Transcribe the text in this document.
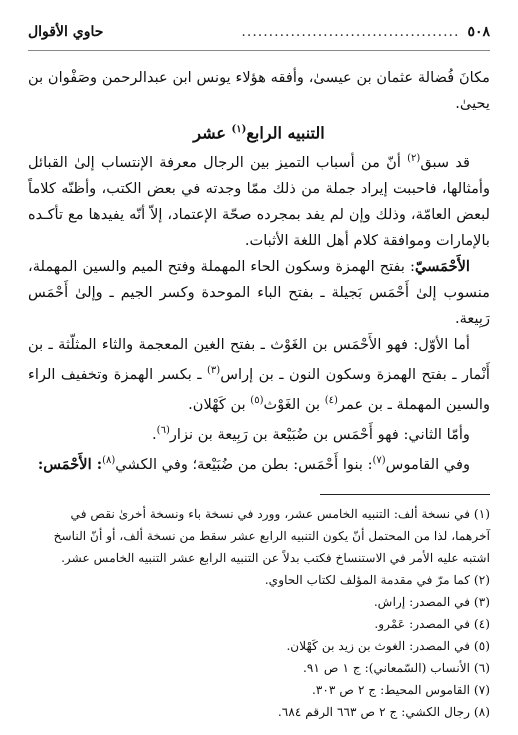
٥٠٨
........................................
حاوي الأقوال

مكانَ فُضالة عثمان بن عيسىٰ، وأفقه هؤلاء يونس ابن عبدالرحمن وصَفْوان بن يحيىٰ.

التنبيه الرابع$^{(١)}$ عشر

قد سبق$^{(٢)}$ أنّ من أسباب التميز بين الرجال معرفة الإنتساب إلىٰ القبائل وأمثالها، فاحببت إيراد جملة من ذلك ممّا وجدته في بعض الكتب، وأظنّه كلاماً لبعض العامّة، وذلك وإن لم يفد بمجرده صحّة الإعتماد، إلاّ أنّه يفيدها مع تأكـده بالإمارات وموافقة كلام أهل اللغة الأثبات.

الأَحْمَسيّ: بفتح الهمزة وسكون الحاء المهملة وفتح الميم والسين المهملة، منسوب إلىٰ أَحْمَس بَجيلة ـ بفتح الباء الموحدة وكسر الجيم ـ وإلىٰ أَحْمَس رَبِيعة.

أما الأوّل: فهو الأَحْمَس بن الغَوْث ـ بفتح الغين المعجمة والثاء المثلّثة ـ بن أَنْمار ـ بفتح الهمزة وسكون النون ـ بن إراس$^{(٣)}$ ـ بكسر الهمزة وتخفيف الراء والسين المهملة ـ بن عمر$^{(٤)}$ بن الغَوْث$^{(٥)}$ بن كَهْلان.

وأمّا الثاني: فهو أَحْمَس بن ضُبَيْعة بن رَبِيعة بن نزار$^{(٦)}$.

وفي القاموس$^{(٧)}$: بنوا أَحْمَس: بطن من ضُبَيْعة؛ وفي الكشي$^{(٨)}$: الأَحْمَس:

(١) في نسخة ألف: التنبيه الخامس عشر، وورد في نسخة باء ونسخة أخرىٰ نقص في آخرهما، لذا من المحتمل أنّ يكون التنبيه الرابع عشر سقط من نسخة ألف، أو أنّ الناسخ اشتبه عليه الأمر في الاستنساخ فكتب بدلاً عن التنبيه الرابع عشر التنبيه الخامس عشر.

(٢) كما مرّ في مقدمة المؤلف لكتاب الحاوي.

(٣) في المصدر: إراش.

(٤) في المصدر: عَمْرو.

(٥) في المصدر: الغوث بن زيد بن كَهْلان.

(٦) الأنساب (السّمعاني): ج ١ ص ٩١.

(٧) القاموس المحيط: ج ٢ ص ٣٠٣.

(٨) رجال الكشي: ج ٢ ص ٦٦٣ الرقم ٦٨٤.
